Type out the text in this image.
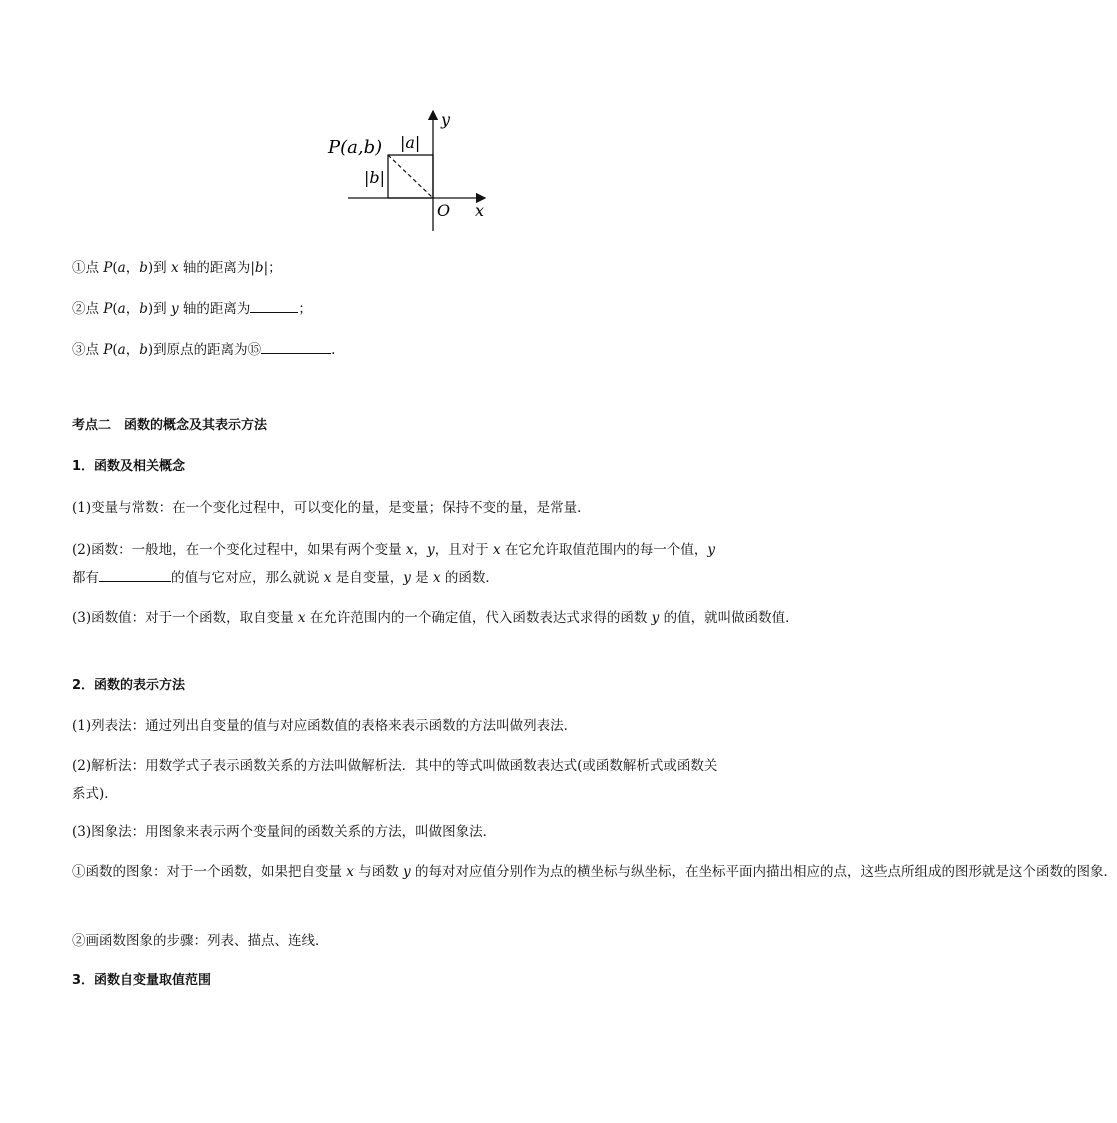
P(a,b) |a|
|b|
O x
y
①点 P(a，b)到 x 轴的距离为|b|；
②点 P(a，b)到 y 轴的距离为	；
③点 P(a，b)到原点的距离为⑮	.
考点二　函数的概念及其表示方法
1．函数及相关概念
(1)变量与常数：在一个变化过程中，可以变化的量，是变量；保持不变的量，是常量．
(2)函数：一般地，在一个变化过程中，如果有两个变量 x，y，且对于 x 在它允许取值范围内的每一个值，y都有	的值与它对应，那么就说 x 是自变量，y 是 x 的函数．
(3)函数值：对于一个函数，取自变量 x 在允许范围内的一个确定值，代入函数表达式求得的函数 y 的值，就叫做函数值．
2．函数的表示方法
(1)列表法：通过列出自变量的值与对应函数值的表格来表示函数的方法叫做列表法．
(2)解析法：用数学式子表示函数关系的方法叫做解析法．其中的等式叫做函数表达式(或函数解析式或函数关系式)．
(3)图象法：用图象来表示两个变量间的函数关系的方法，叫做图象法．
①函数的图象：对于一个函数，如果把自变量 x 与函数 y 的每对对应值分别作为点的横坐标与纵坐标，在坐标平面内描出相应的点，这些点所组成的图形就是这个函数的图象．
②画函数图象的步骤：列表、描点、连线．
3．函数自变量取值范围
